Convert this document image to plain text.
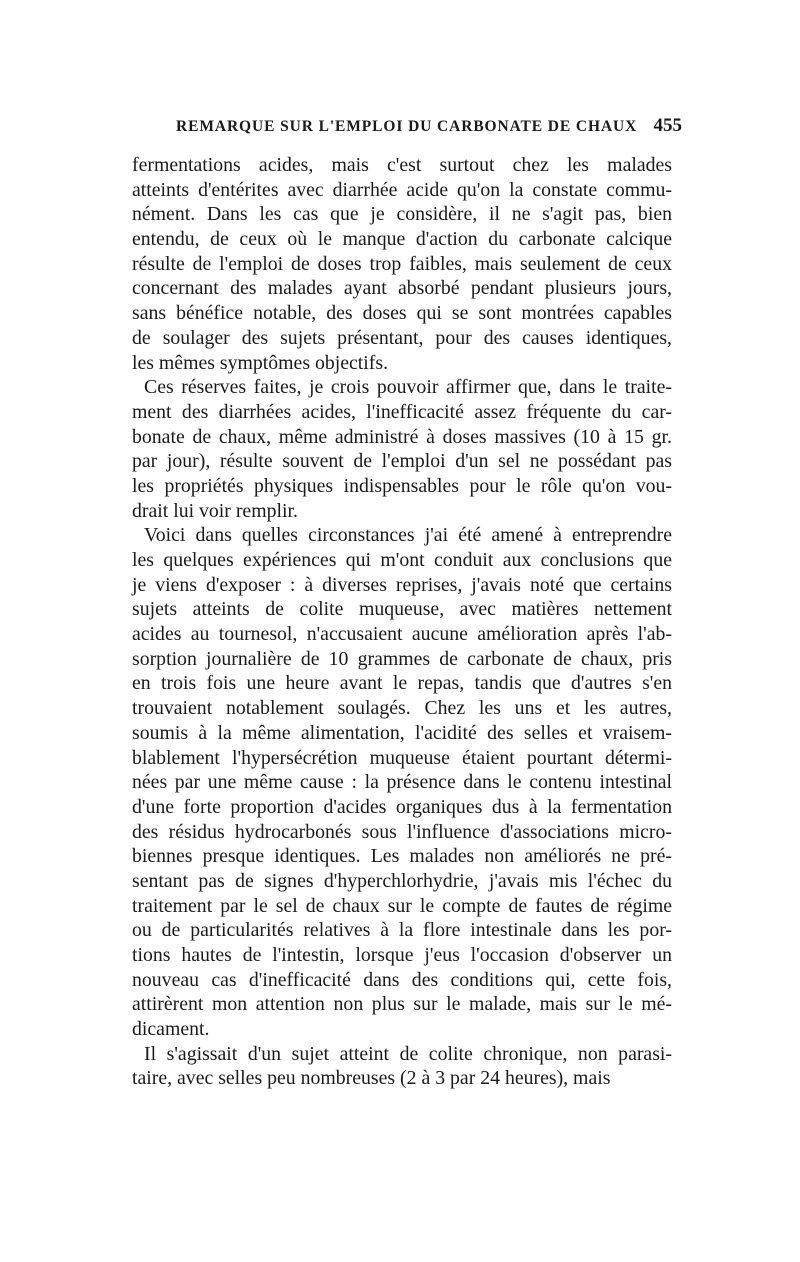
REMARQUE SUR L'EMPLOI DU CARBONATE DE CHAUX 455
fermentations acides, mais c'est surtout chez les malades
atteints d'entérites avec diarrhée acide qu'on la constate commu-
nément. Dans les cas que je considère, il ne s'agit pas, bien
entendu, de ceux où le manque d'action du carbonate calcique
résulte de l'emploi de doses trop faibles, mais seulement de ceux
concernant des malades ayant absorbé pendant plusieurs jours,
sans bénéfice notable, des doses qui se sont montrées capables
de soulager des sujets présentant, pour des causes identiques,
les mêmes symptômes objectifs.
Ces réserves faites, je crois pouvoir affirmer que, dans le traite-
ment des diarrhées acides, l'inefficacité assez fréquente du car-
bonate de chaux, même administré à doses massives (10 à 15 gr.
par jour), résulte souvent de l'emploi d'un sel ne possédant pas
les propriétés physiques indispensables pour le rôle qu'on vou-
drait lui voir remplir.
Voici dans quelles circonstances j'ai été amené à entreprendre
les quelques expériences qui m'ont conduit aux conclusions que
je viens d'exposer : à diverses reprises, j'avais noté que certains
sujets atteints de colite muqueuse, avec matières nettement
acides au tournesol, n'accusaient aucune amélioration après l'ab-
sorption journalière de 10 grammes de carbonate de chaux, pris
en trois fois une heure avant le repas, tandis que d'autres s'en
trouvaient notablement soulagés. Chez les uns et les autres,
soumis à la même alimentation, l'acidité des selles et vraisem-
blablement l'hypersécrétion muqueuse étaient pourtant détermi-
nées par une même cause : la présence dans le contenu intestinal
d'une forte proportion d'acides organiques dus à la fermentation
des résidus hydrocarbonés sous l'influence d'associations micro-
biennes presque identiques. Les malades non améliorés ne pré-
sentant pas de signes d'hyperchlorhydrie, j'avais mis l'échec du
traitement par le sel de chaux sur le compte de fautes de régime
ou de particularités relatives à la flore intestinale dans les por-
tions hautes de l'intestin, lorsque j'eus l'occasion d'observer un
nouveau cas d'inefficacité dans des conditions qui, cette fois,
attirèrent mon attention non plus sur le malade, mais sur le mé-
dicament.
Il s'agissait d'un sujet atteint de colite chronique, non parasi-
taire, avec selles peu nombreuses (2 à 3 par 24 heures), mais
